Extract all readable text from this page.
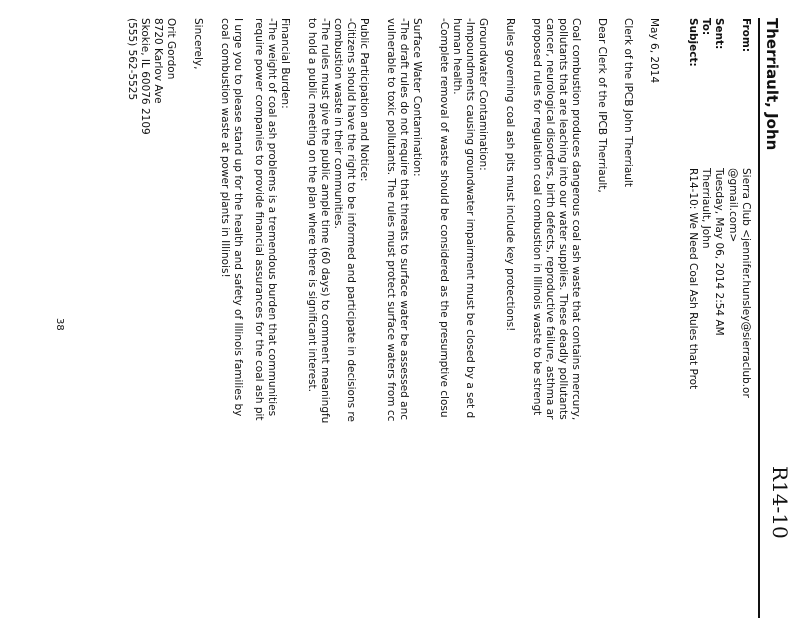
R14-10
Therriault, John
From:
Sierra Club <jennifer.hunsley@sierraclub.or
@gmail.com>
Sent:
Tuesday, May 06, 2014 2:54 AM
To:
Therriault, John
Subject:
R14-10: We Need Coal Ash Rules that Prot
May 6, 2014
Clerk of the IPCB John Therriault
Dear Clerk of the IPCB Therriault,
Coal combustion produces dangerous coal ash waste that contains mercury,
pollutants that are leaching into our water supplies. These deadly pollutants
cancer, neurological disorders, birth defects, reproductive failure, asthma ar
proposed rules for regulation coal combustion in Illinois waste to be strengt
Rules governing coal ash pits must include key protections!
Groundwater Contamination:
-Impoundments causing groundwater impairment must be closed by a set d
human health.
-Complete removal of waste should be considered as the presumptive closu
Surface Water Contamination:
-The draft rules do not require that threats to surface water be assessed anc
vulnerable to toxic pollutants. The rules must protect surface waters from cc
Public Participation and Notice:
-Citizens should have the right to be informed and participate in decisions re
combustion waste in their communities.
-The rules must give the public ample time (60 days) to comment meaningfu
to hold a public meeting on the plan where there is significant interest.
Financial Burden:
-The weight of coal ash problems is a tremendous burden that communities
require power companies to provide financial assurances for the coal ash pit
I urge you to please stand up for the health and safety of Illinois families by
coal combustion waste at power plants in Illinois!
Sincerely,
Orit Gordon
8720 Karlov Ave
Skokie, IL 60076 2109
(555) 562-5525
38
